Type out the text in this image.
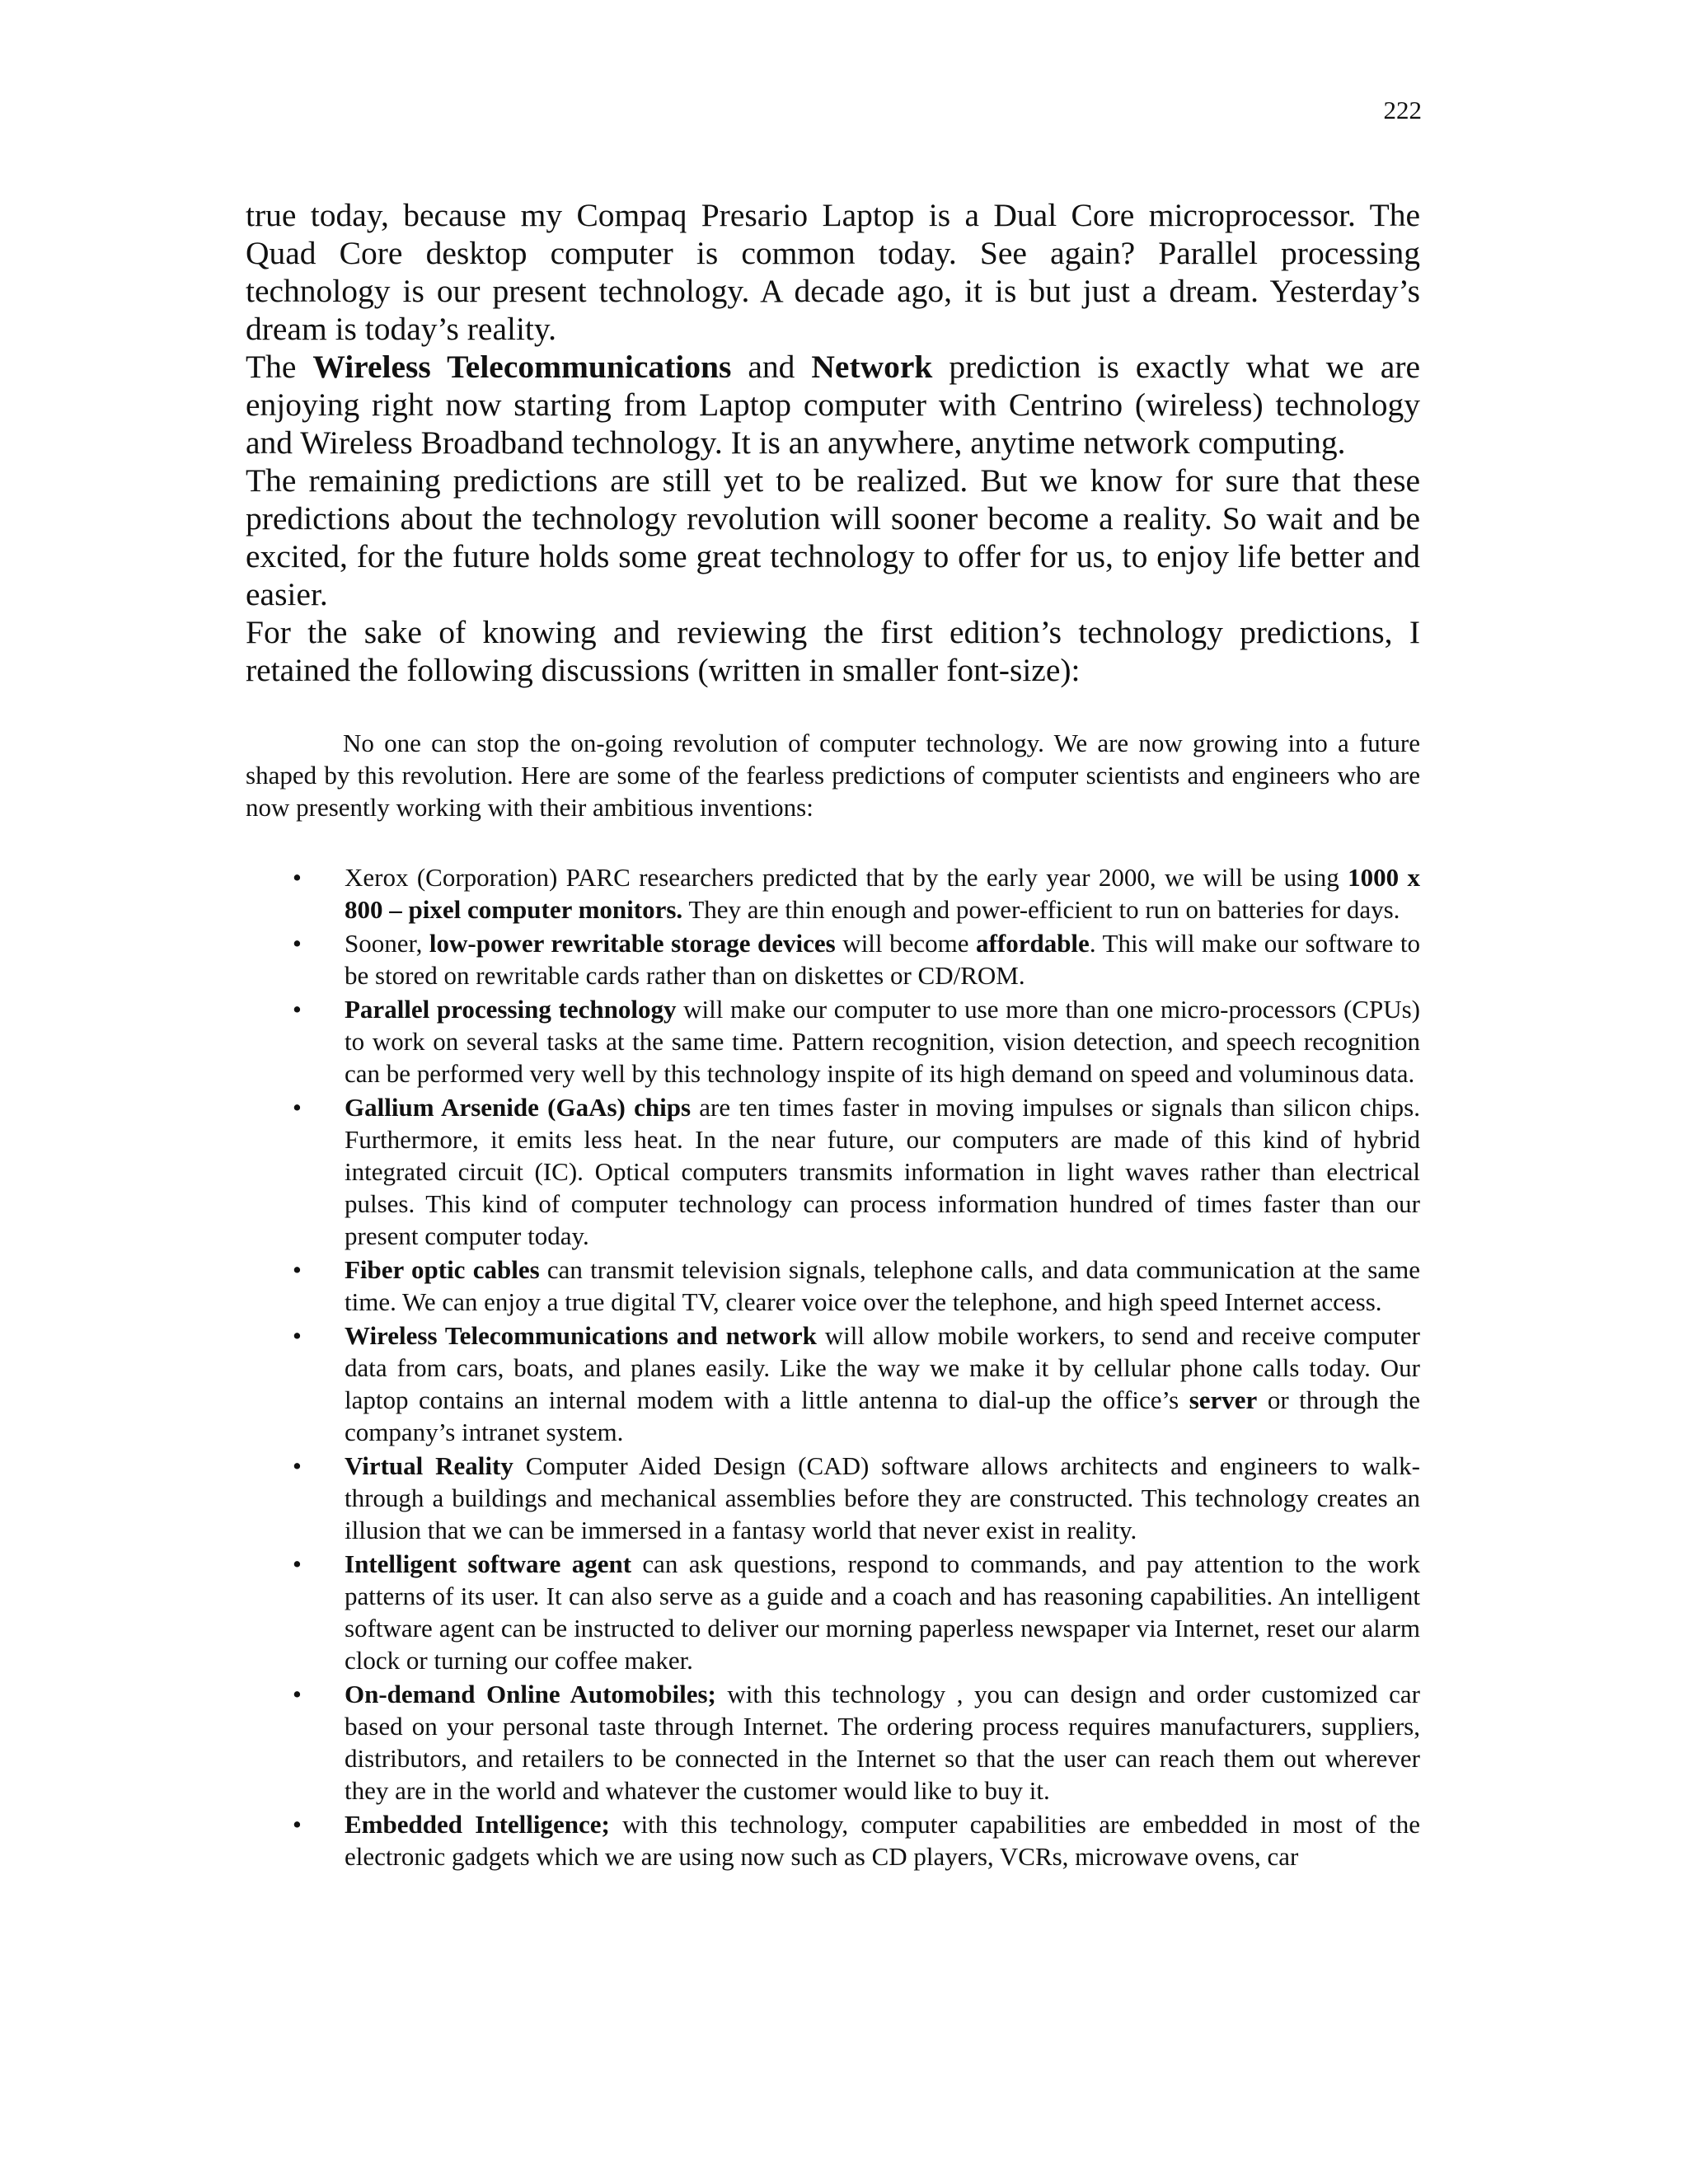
222

true today, because my Compaq Presario Laptop is a Dual Core microprocessor. The Quad Core desktop computer is common today. See again? Parallel processing technology is our present technology. A decade ago, it is but just a dream. Yesterday’s dream is today’s reality.

The Wireless Telecommunications and Network prediction is exactly what we are enjoying right now starting from Laptop computer with Centrino (wireless) technology and Wireless Broadband technology. It is an anywhere, anytime network computing.

The remaining predictions are still yet to be realized. But we know for sure that these predictions about the technology revolution will sooner become a reality. So wait and be excited, for the future holds some great technology to offer for us, to enjoy life better and easier.

For the sake of knowing and reviewing the first edition’s technology predictions, I retained the following discussions (written in smaller font-size):

No one can stop the on-going revolution of computer technology. We are now growing into a future shaped by this revolution. Here are some of the fearless predictions of computer scientists and engineers who are now presently working with their ambitious inventions:

• Xerox (Corporation) PARC researchers predicted that by the early year 2000, we will be using 1000 x 800 – pixel computer monitors. They are thin enough and power-efficient to run on batteries for days.
• Sooner, low-power rewritable storage devices will become affordable. This will make our software to be stored on rewritable cards rather than on diskettes or CD/ROM.
• Parallel processing technology will make our computer to use more than one micro-processors (CPUs) to work on several tasks at the same time. Pattern recognition, vision detection, and speech recognition can be performed very well by this technology inspite of its high demand on speed and voluminous data.
• Gallium Arsenide (GaAs) chips are ten times faster in moving impulses or signals than silicon chips. Furthermore, it emits less heat. In the near future, our computers are made of this kind of hybrid integrated circuit (IC). Optical computers transmits information in light waves rather than electrical pulses. This kind of computer technology can process information hundred of times faster than our present computer today.
• Fiber optic cables can transmit television signals, telephone calls, and data communication at the same time. We can enjoy a true digital TV, clearer voice over the telephone, and high speed Internet access.
• Wireless Telecommunications and network will allow mobile workers, to send and receive computer data from cars, boats, and planes easily. Like the way we make it by cellular phone calls today. Our laptop contains an internal modem with a little antenna to dial-up the office’s server or through the company’s intranet system.
• Virtual Reality Computer Aided Design (CAD) software allows architects and engineers to walk-through a buildings and mechanical assemblies before they are constructed. This technology creates an illusion that we can be immersed in a fantasy world that never exist in reality.
• Intelligent software agent can ask questions, respond to commands, and pay attention to the work patterns of its user. It can also serve as a guide and a coach and has reasoning capabilities. An intelligent software agent can be instructed to deliver our morning paperless newspaper via Internet, reset our alarm clock or turning our coffee maker.
• On-demand Online Automobiles; with this technology , you can design and order customized car based on your personal taste through Internet. The ordering process requires manufacturers, suppliers, distributors, and retailers to be connected in the Internet so that the user can reach them out wherever they are in the world and whatever the customer would like to buy it.
• Embedded Intelligence; with this technology, computer capabilities are embedded in most of the electronic gadgets which we are using now such as CD players, VCRs, microwave ovens, car
